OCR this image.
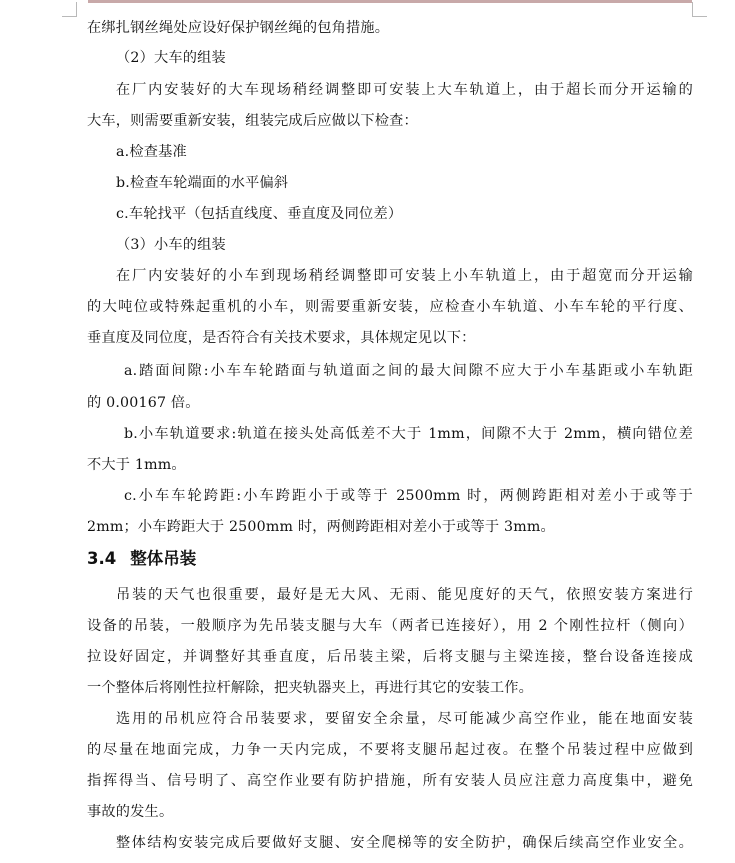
在绑扎钢丝绳处应设好保护钢丝绳的包角措施。
（2）大车的组装
在厂内安装好的大车现场稍经调整即可安装上大车轨道上，由于超长而分开运输的
大车，则需要重新安装，组装完成后应做以下检查：
a.检查基准
b.检查车轮端面的水平偏斜
c.车轮找平（包括直线度、垂直度及同位差）
（3）小车的组装
在厂内安装好的小车到现场稍经调整即可安装上小车轨道上，由于超宽而分开运输
的大吨位或特殊起重机的小车，则需要重新安装，应检查小车轨道、小车车轮的平行度、
垂直度及同位度，是否符合有关技术要求，具体规定见以下：
a.踏面间隙:小车车轮踏面与轨道面之间的最大间隙不应大于小车基距或小车轨距
的 0.00167 倍。
b.小车轨道要求:轨道在接头处高低差不大于 1mm，间隙不大于 2mm，横向错位差
不大于 1mm。
c.小车车轮跨距:小车跨距小于或等于 2500mm 时，两侧跨距相对差小于或等于
2mm；小车跨距大于 2500mm 时，两侧跨距相对差小于或等于 3mm。
3.4 整体吊装
吊装的天气也很重要，最好是无大风、无雨、能见度好的天气，依照安装方案进行
设备的吊装，一般顺序为先吊装支腿与大车（两者已连接好），用 2 个刚性拉杆（侧向）
拉设好固定，并调整好其垂直度，后吊装主梁，后将支腿与主梁连接，整台设备连接成
一个整体后将刚性拉杆解除，把夹轨器夹上，再进行其它的安装工作。
选用的吊机应符合吊装要求，要留安全余量，尽可能减少高空作业，能在地面安装
的尽量在地面完成，力争一天内完成，不要将支腿吊起过夜。在整个吊装过程中应做到
指挥得当、信号明了、高空作业要有防护措施，所有安装人员应注意力高度集中，避免
事故的发生。
整体结构安装完成后要做好支腿、安全爬梯等的安全防护，确保后续高空作业安全。
